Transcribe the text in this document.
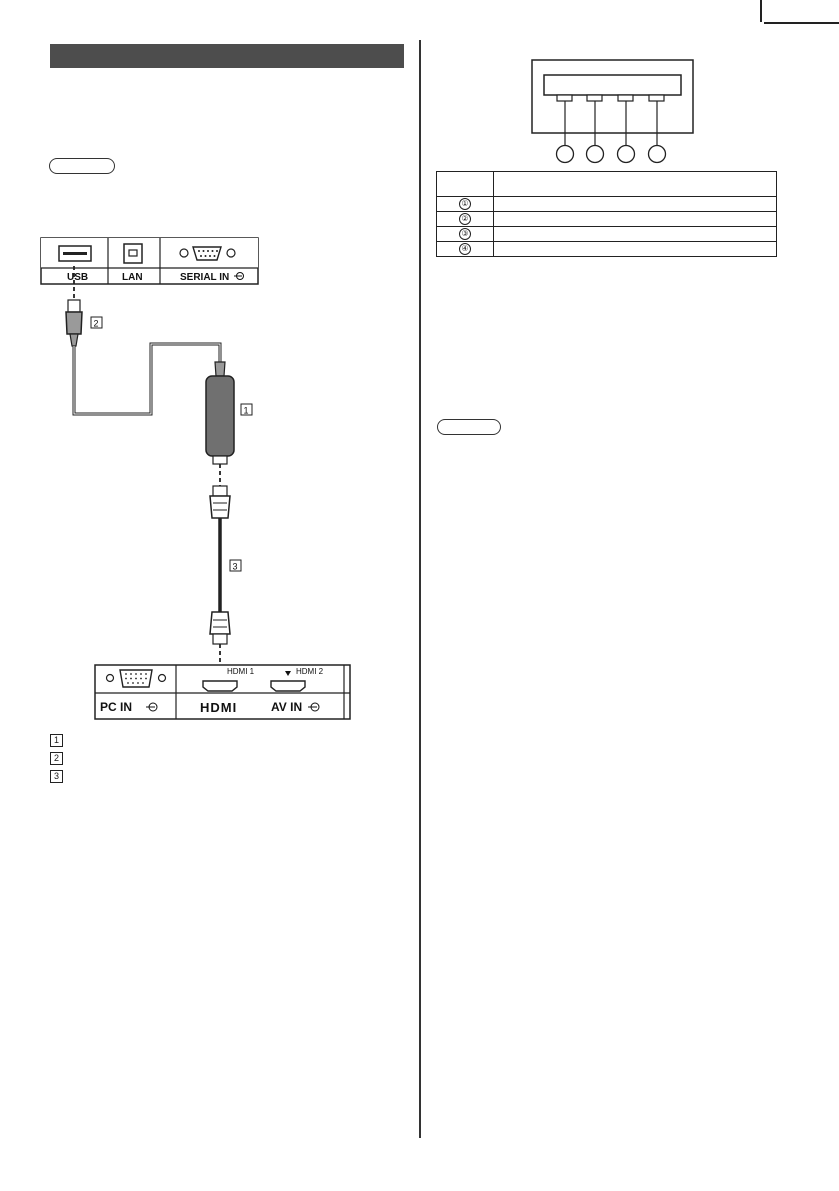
USB	LAN	SERIAL IN
2
1
3
HDMI 1	HDMI 2
PC IN	HDMI	AV IN
1
2
3

①	
②	
③	
④	
